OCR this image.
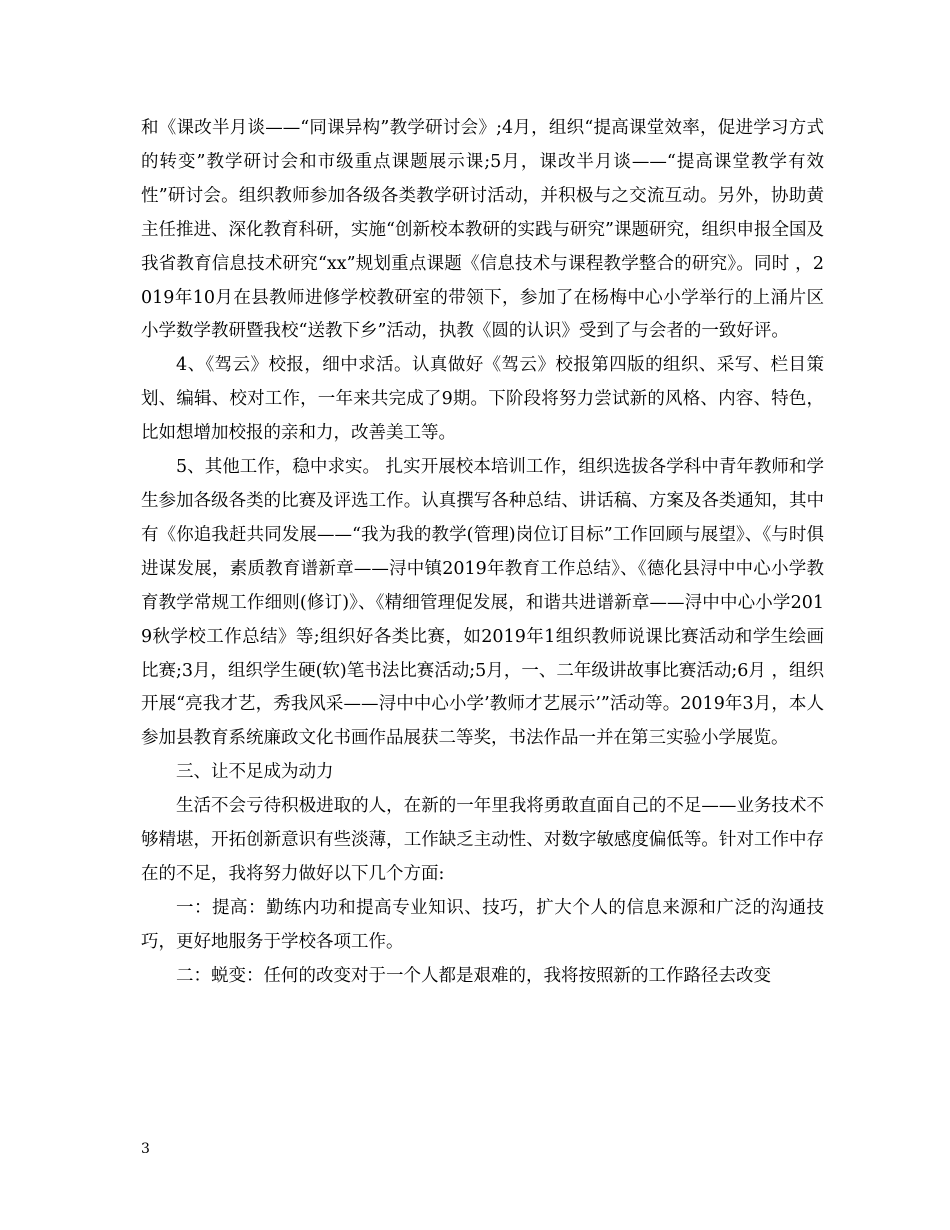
和《课改半月谈——“同课异构”教学研讨会》;4月，组织“提高课堂效率，促进学习方式的转变”教学研讨会和市级重点课题展示课;5月，课改半月谈——“提高课堂教学有效性”研讨会。组织教师参加各级各类教学研讨活动，并积极与之交流互动。另外，协助黄主任推进、深化教育科研，实施“创新校本教研的实践与研究”课题研究，组织申报全国及我省教育信息技术研究“xx”规划重点课题《信息技术与课程教学整合的研究》。同时 ，2019年10月在县教师进修学校教研室的带领下，参加了在杨梅中心小学举行的上涌片区小学数学教研暨我校“送教下乡”活动，执教《圆的认识》受到了与会者的一致好评。

4、《驾云》校报，细中求活。认真做好《驾云》校报第四版的组织、采写、栏目策划、编辑、校对工作，一年来共完成了9期。下阶段将努力尝试新的风格、内容、特色，比如想增加校报的亲和力，改善美工等。

5、其他工作，稳中求实。 扎实开展校本培训工作，组织选拔各学科中青年教师和学生参加各级各类的比赛及评选工作。认真撰写各种总结、讲话稿、方案及各类通知，其中有《你追我赶共同发展——“我为我的教学(管理)岗位订目标”工作回顾与展望》、《与时俱进谋发展，素质教育谱新章——浔中镇2019年教育工作总结》、《德化县浔中中心小学教育教学常规工作细则(修订)》、《精细管理促发展，和谐共进谱新章——浔中中心小学2019秋学校工作总结》等;组织好各类比赛，如2019年1组织教师说课比赛活动和学生绘画比赛;3月，组织学生硬(软)笔书法比赛活动;5月，一、二年级讲故事比赛活动;6月 ，组织开展“亮我才艺，秀我风采——浔中中心小学’教师才艺展示’”活动等。2019年3月，本人参加县教育系统廉政文化书画作品展获二等奖，书法作品一并在第三实验小学展览。

三、让不足成为动力

生活不会亏待积极进取的人，在新的一年里我将勇敢直面自己的不足——业务技术不够精堪，开拓创新意识有些淡薄，工作缺乏主动性、对数字敏感度偏低等。针对工作中存在的不足，我将努力做好以下几个方面:

一：提高：勤练内功和提高专业知识、技巧，扩大个人的信息来源和广泛的沟通技巧，更好地服务于学校各项工作。

二：蜕变：任何的改变对于一个人都是艰难的，我将按照新的工作路径去改变

3
